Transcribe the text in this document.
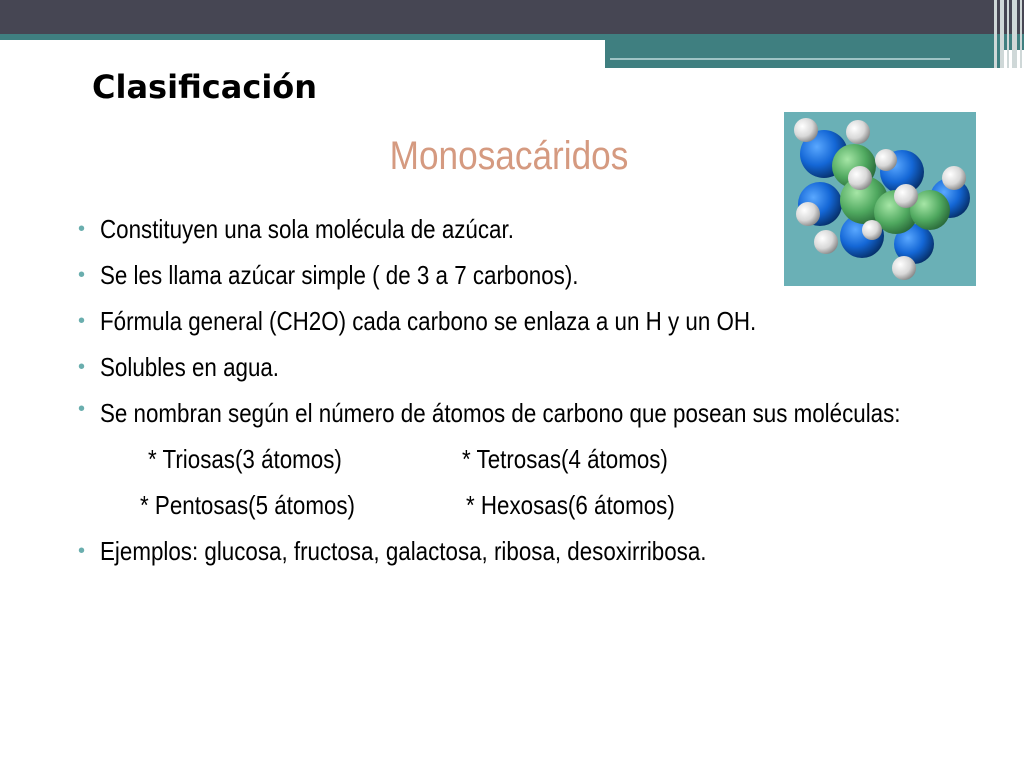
Clasificación
Monosacáridos
• Constituyen una sola molécula de azúcar.
• Se les llama azúcar simple ( de 3 a 7 carbonos).
• Fórmula general (CH2O) cada carbono se enlaza a un H y un OH.
• Solubles en agua.
• Se nombran según el número de átomos de carbono que posean sus moléculas:
* Triosas(3 átomos)	* Tetrosas(4 átomos)
* Pentosas(5 átomos)	* Hexosas(6 átomos)
• Ejemplos: glucosa, fructosa, galactosa, ribosa, desoxirribosa.
